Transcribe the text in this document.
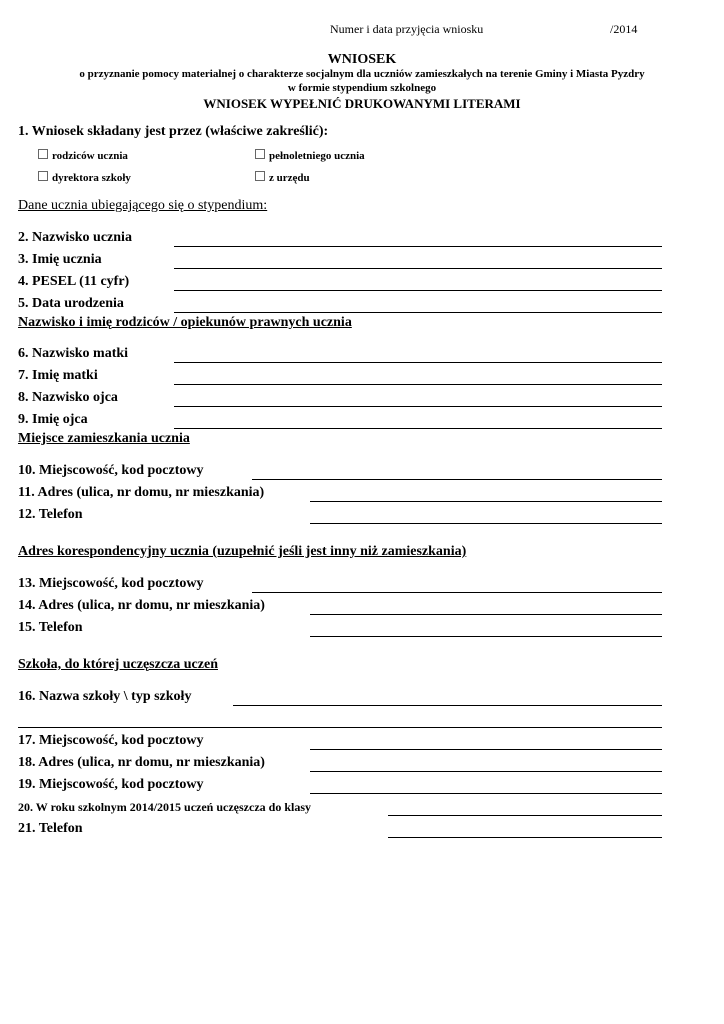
Numer i data przyjęcia wniosku	/2014
WNIOSEK
o przyznanie pomocy materialnej o charakterze socjalnym dla uczniów zamieszkałych na terenie Gminy i Miasta Pyzdry
w formie stypendium szkolnego
WNIOSEK WYPEŁNIĆ DRUKOWANYMI LITERAMI
1. Wniosek składany jest przez (właściwe zakreślić):
rodziców ucznia	pełnoletniego ucznia
dyrektora szkoły	z urzędu
Dane ucznia ubiegającego się o stypendium:
2. Nazwisko ucznia
3. Imię ucznia
4. PESEL (11 cyfr)
5. Data urodzenia
Nazwisko i imię rodziców / opiekunów prawnych ucznia
6. Nazwisko matki
7. Imię matki
8. Nazwisko ojca
9. Imię ojca
Miejsce zamieszkania ucznia
10. Miejscowość, kod pocztowy
11. Adres (ulica, nr domu, nr mieszkania)
12. Telefon
Adres korespondencyjny ucznia (uzupełnić jeśli jest inny niż zamieszkania)
13. Miejscowość, kod pocztowy
14. Adres (ulica, nr domu, nr mieszkania)
15. Telefon
Szkoła, do której uczęszcza uczeń
16. Nazwa szkoły \ typ szkoły
17. Miejscowość, kod pocztowy
18. Adres (ulica, nr domu, nr mieszkania)
19. Miejscowość, kod pocztowy
20. W roku szkolnym 2014/2015 uczeń uczęszcza do klasy
21. Telefon
